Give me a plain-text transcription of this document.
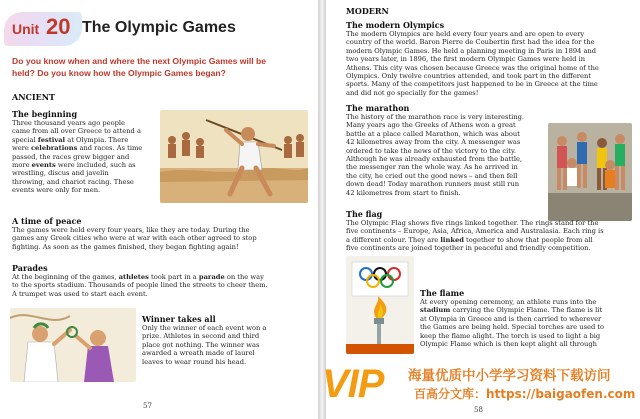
Unit 20 The Olympic Games
Do you know when and where the next Olympic Games will be held? Do you know how the Olympic Games began?
ANCIENT
The beginning
Three thousand years ago people
came from all over Greece to attend a
special festival at Olympia. There
were celebrations and races. As time
passed, the races grew bigger and
more events were included, such as
wrestling, discus and javelin
throwing, and chariot racing. These
events were only for men.
A time of peace
The games were held every four years, like they are today. During the
games any Greek cities who were at war with each other agreed to stop
fighting. As soon as the games finished, they began fighting again!
Parades
At the beginning of the games, athletes took part in a parade on the way
to the sports stadium. Thousands of people lined the streets to cheer them.
A trumpet was used to start each event.
Winner takes all
Only the winner of each event won a
prize. Athletes in second and third
place got nothing. The winner was
awarded a wreath made of laurel
leaves to wear round his head.
57
MODERN
The modern Olympics
The modern Olympics are held every four years and are open to every
country of the world. Baron Pierre de Coubertin first had the idea for the
modern Olympic Games. He held a planning meeting in Paris in 1894 and
two years later, in 1896, the first modern Olympic Games were held in
Athens. This city was chosen because Greece was the original home of the
Olympics. Only twelve countries attended, and took part in the different
sports. Many of the competitors just happened to be in Greece at the time
and did not go specially for the games!
The marathon
The history of the marathon race is very interesting.
Many years ago the Greeks of Athens won a great
battle at a place called Marathon, which was about
42 kilometres away from the city. A messenger was
ordered to take the news of the victory to the city.
Although he was already exhausted from the battle,
the messenger ran the whole way. As he arrived in
the city, he cried out the good news – and then fell
down dead! Today marathon runners must still run
42 kilometres from start to finish.
The flag
The Olympic Flag shows five rings linked together. The rings stand for the
five continents – Europe, Asia, Africa, America and Australasia. Each ring is
a different colour. They are linked together to show that people from all
five continents are joined together in peaceful and friendly competition.
The flame
At every opening ceremony, an athlete runs into the
stadium carrying the Olympic Flame. The flame is lit
at Olympia in Greece and is then carried to wherever
the Games are being held. Special torches are used to
keep the flame alight. The torch is used to light a big
Olympic Flame which is then kept alight all through
58
VIP 海量优质中小学学习资料下载访问
百高分文库：https://baigaofen.com
